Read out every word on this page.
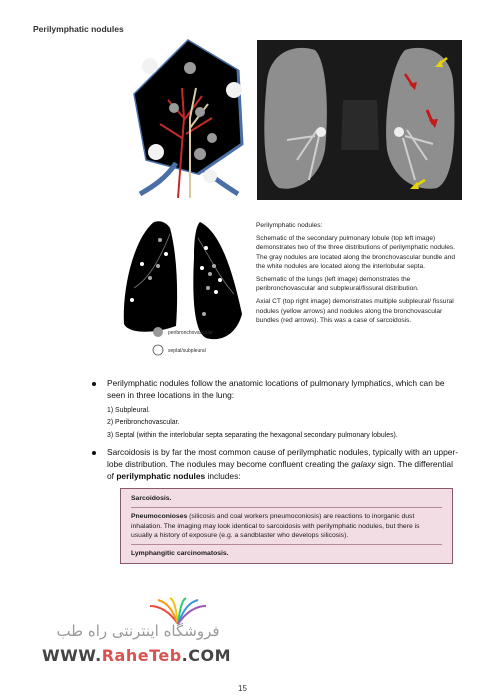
Perilymphatic nodules
peribronchovascular
septal/subpleural

Perilymphatic nodules:

Schematic of the secondary pulmonary lobule (top left image) demonstrates two of the three distributions of perilymphatic nodules. The gray nodules are located along the bronchovascular bundle and the white nodules are located along the interlobular septa.

Schematic of the lungs (left image) demonstrates the peribronchovascular and subpleural/fissural distribution.

Axial CT (top right image) demonstrates multiple subpleural/ fissural nodules (yellow arrows) and nodules along the bronchovascular bundles (red arrows). This was a case of sarcoidosis.

Perilymphatic nodules follow the anatomic locations of pulmonary lymphatics, which can be seen in three locations in the lung:
1) Subpleural.
2) Peribronchovascular.
3) Septal (within the interlobular septa separating the hexagonal secondary pulmonary lobules).
Sarcoidosis is by far the most common cause of perilymphatic nodules, typically with an upper-lobe distribution. The nodules may become confluent creating the galaxy sign. The differential of perilymphatic nodules includes:

Sarcoidosis.

Pneumoconioses (silicosis and coal workers pneumoconiosis) are reactions to inorganic dust inhalation. The imaging may look identical to sarcoidosis with perilymphatic nodules, but there is usually a history of exposure (e.g. a sandblaster who develops silicosis).

Lymphangitic carcinomatosis.

فروشگاه اینترنتی راه طب
WWW.RaheTeb.COM
15
